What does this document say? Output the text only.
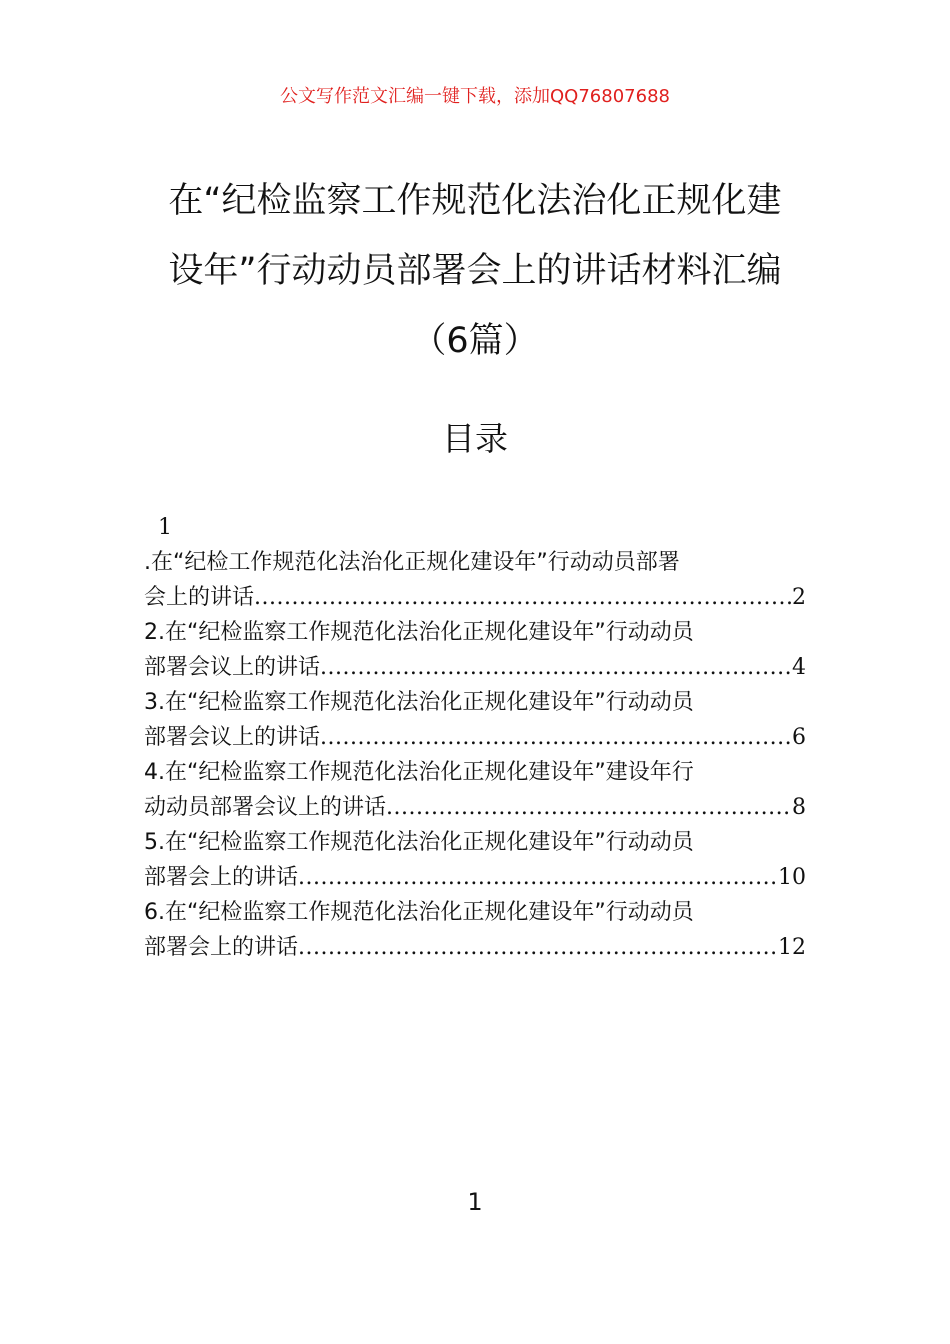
公文写作范文汇编一键下载，添加QQ76807688
在“纪检监察工作规范化法治化正规化建
设年”行动动员部署会上的讲话材料汇编
（6篇）
目录
1
.在“纪检工作规范化法治化正规化建设年”行动动员部署
会上的讲话 .....	2
2.在“纪检监察工作规范化法治化正规化建设年”行动动员
部署会议上的讲话 .....	4
3.在“纪检监察工作规范化法治化正规化建设年”行动动员
部署会议上的讲话 .....	6
4.在“纪检监察工作规范化法治化正规化建设年”建设年行
动动员部署会议上的讲话 .....	8
5.在“纪检监察工作规范化法治化正规化建设年”行动动员
部署会上的讲话 .....	10
6.在“纪检监察工作规范化法治化正规化建设年”行动动员
部署会上的讲话 .....	12
1
